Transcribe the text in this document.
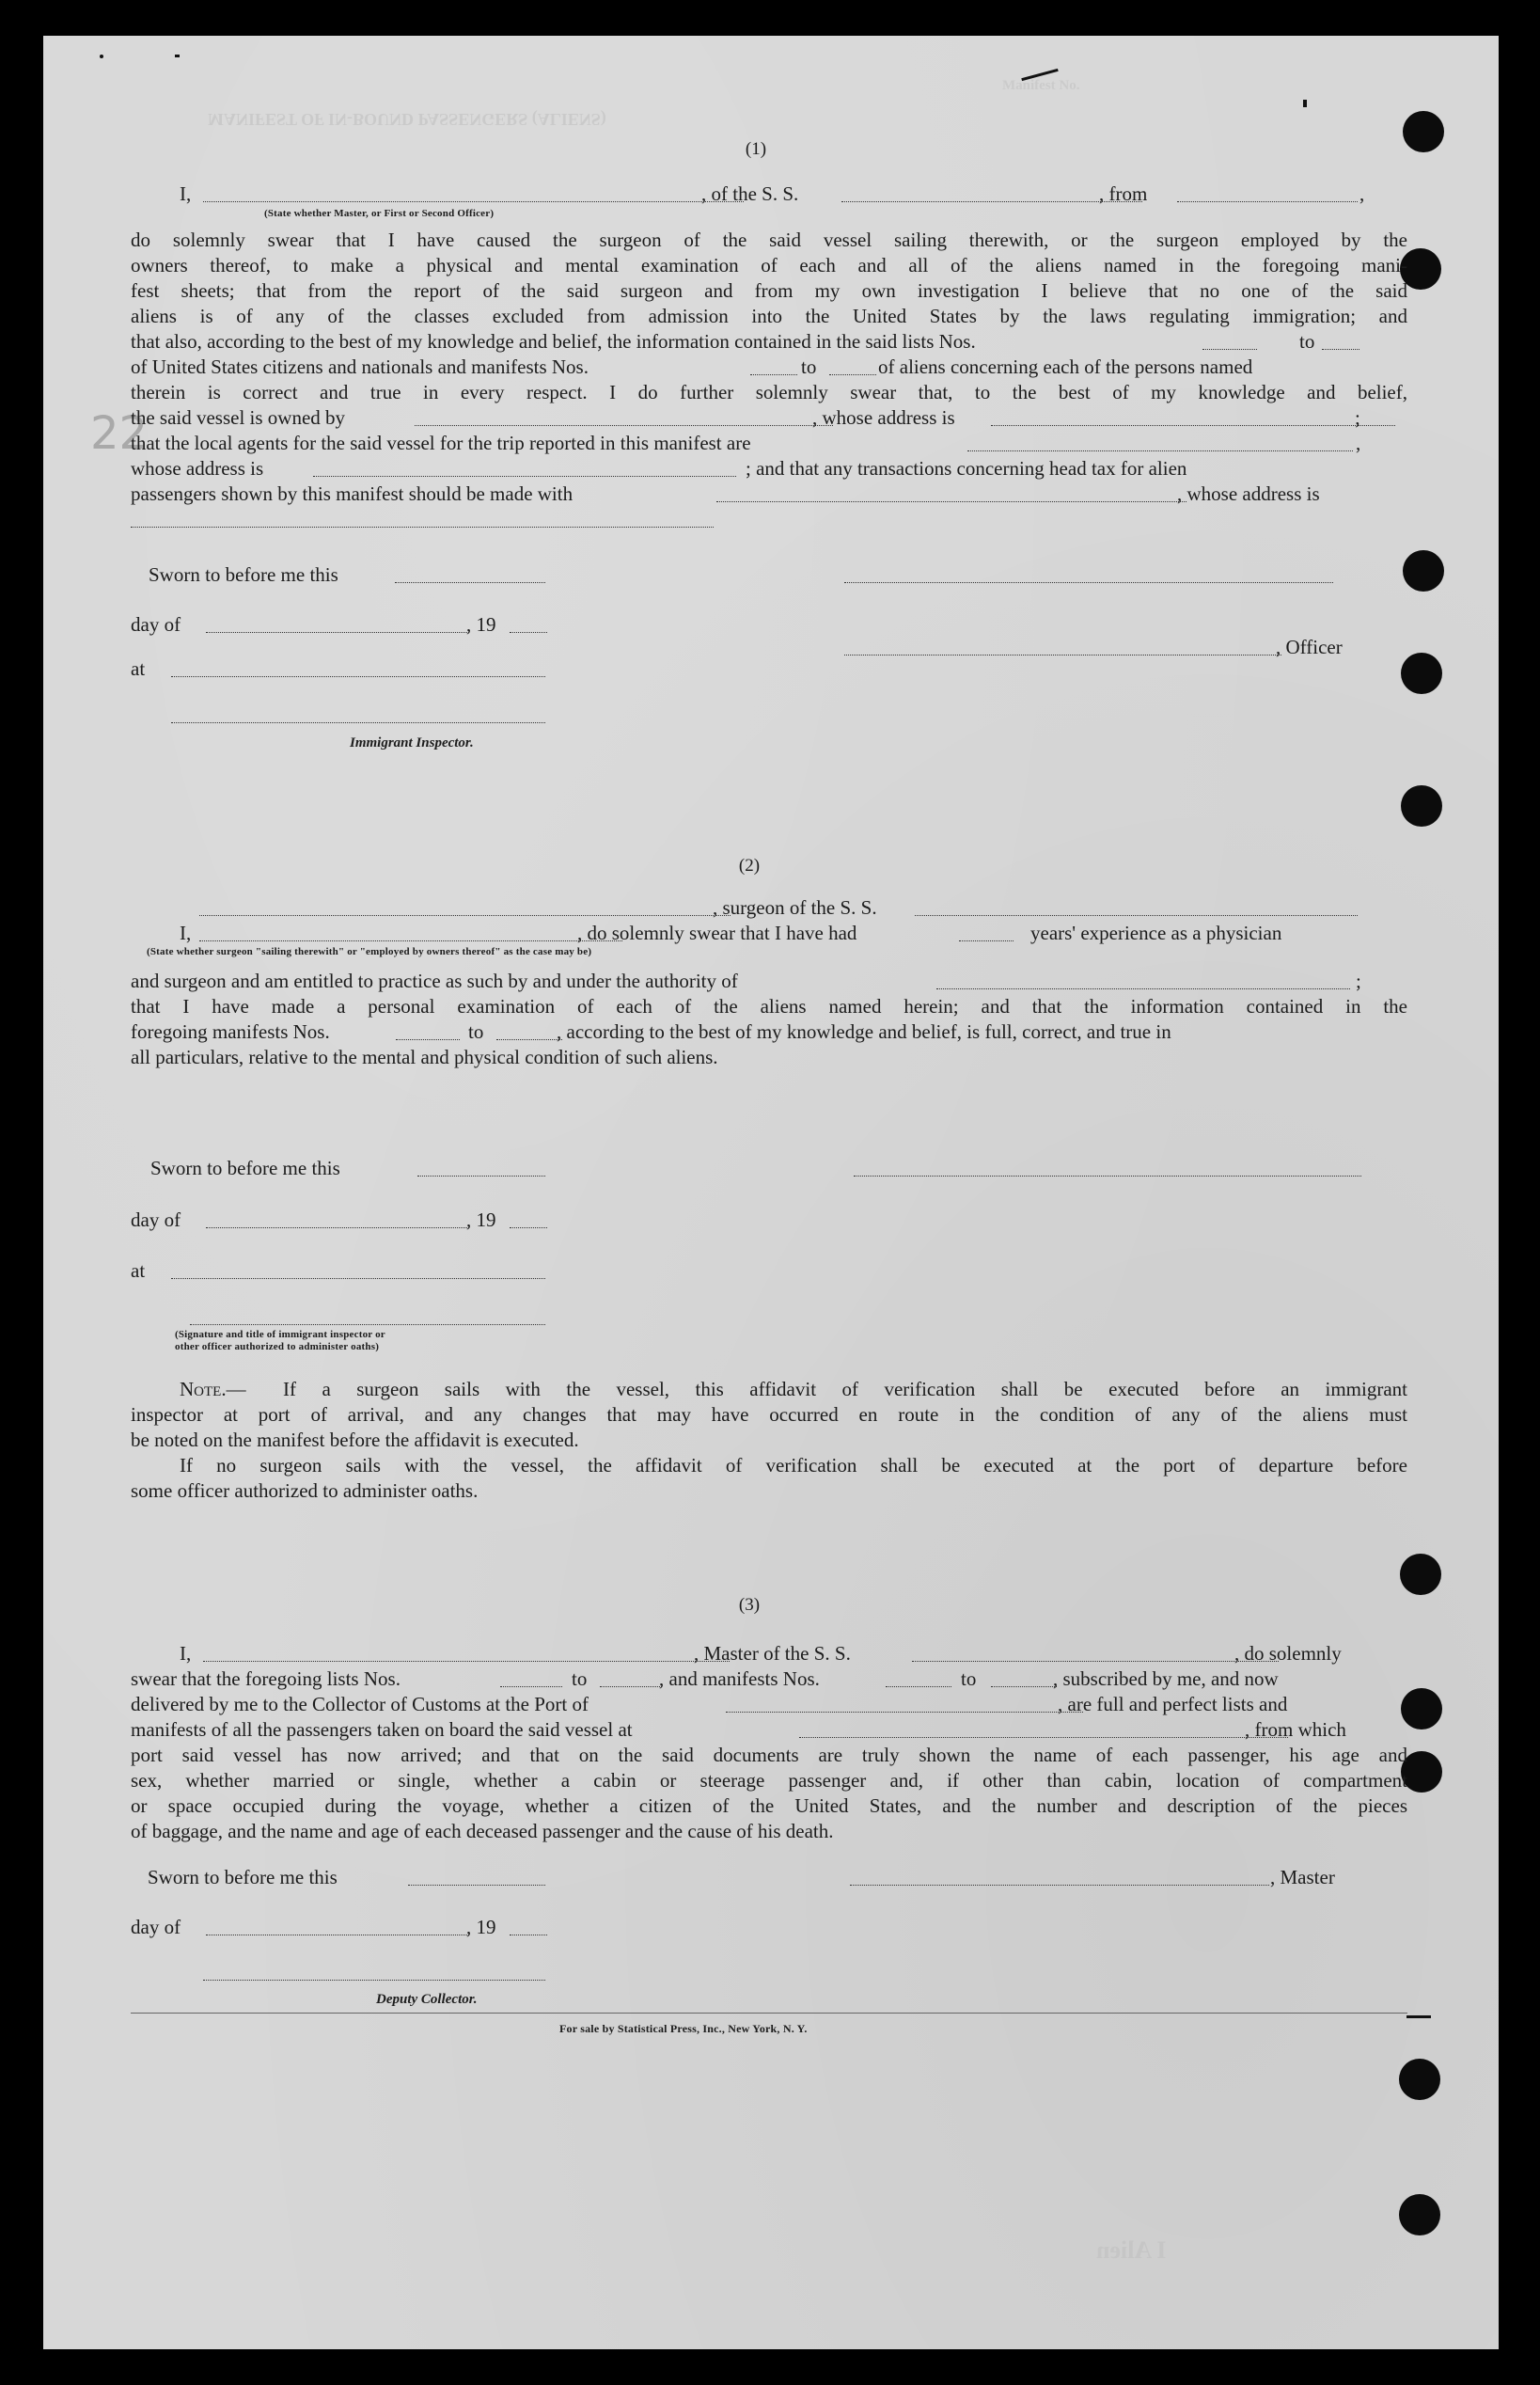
MANIFEST OF IN-BOUND PASSENGERS (ALIENS)
Manifest No.
I Alien
22
(1)
I,	, of the S. S.	, from	,
(State whether Master, or First or Second Officer)
do solemnly swear that I have caused the surgeon of the said vessel sailing therewith, or the surgeon employed by the
owners thereof, to make a physical and mental examination of each and all of the aliens named in the foregoing mani-
fest sheets; that from the report of the said surgeon and from my own investigation I believe that no one of the said
aliens is of any of the classes excluded from admission into the United States by the laws regulating immigration; and
that also, according to the best of my knowledge and belief, the information contained in the said lists Nos.	to
of United States citizens and nationals and manifests Nos.	to	of aliens concerning each of the persons named
therein is correct and true in every respect. I do further solemnly swear that, to the best of my knowledge and belief,
the said vessel is owned by	, whose address is	;
that the local agents for the said vessel for the trip reported in this manifest are	,
whose address is	; and that any transactions concerning head tax for alien
passengers shown by this manifest should be made with	, whose address is
Sworn to before me this
day of	, 19
, Officer
at
Immigrant Inspector.
(2)
, surgeon of the S. S.
I,	, do solemnly swear that I have had	years' experience as a physician
(State whether surgeon "sailing therewith" or "employed by owners thereof" as the case may be)
and surgeon and am entitled to practice as such by and under the authority of	;
that I have made a personal examination of each of the aliens named herein; and that the information contained in the
foregoing manifests Nos.	to	, according to the best of my knowledge and belief, is full, correct, and true in
all particulars, relative to the mental and physical condition of such aliens.
Sworn to before me this
day of	, 19
at
(Signature and title of immigrant inspector or
other officer authorized to administer oaths)
Note.— If a surgeon sails with the vessel, this affidavit of verification shall be executed before an immigrant
inspector at port of arrival, and any changes that may have occurred en route in the condition of any of the aliens must
be noted on the manifest before the affidavit is executed.
If no surgeon sails with the vessel, the affidavit of verification shall be executed at the port of departure before
some officer authorized to administer oaths.
(3)
I,	, Master of the S. S.	, do solemnly
swear that the foregoing lists Nos.	to	, and manifests Nos.	to	, subscribed by me, and now
delivered by me to the Collector of Customs at the Port of	, are full and perfect lists and
manifests of all the passengers taken on board the said vessel at	, from which
port said vessel has now arrived; and that on the said documents are truly shown the name of each passenger, his age and
sex, whether married or single, whether a cabin or steerage passenger and, if other than cabin, location of compartment
or space occupied during the voyage, whether a citizen of the United States, and the number and description of the pieces
of baggage, and the name and age of each deceased passenger and the cause of his death.
Sworn to before me this	, Master
day of	, 19
Deputy Collector.
For sale by Statistical Press, Inc., New York, N. Y.
